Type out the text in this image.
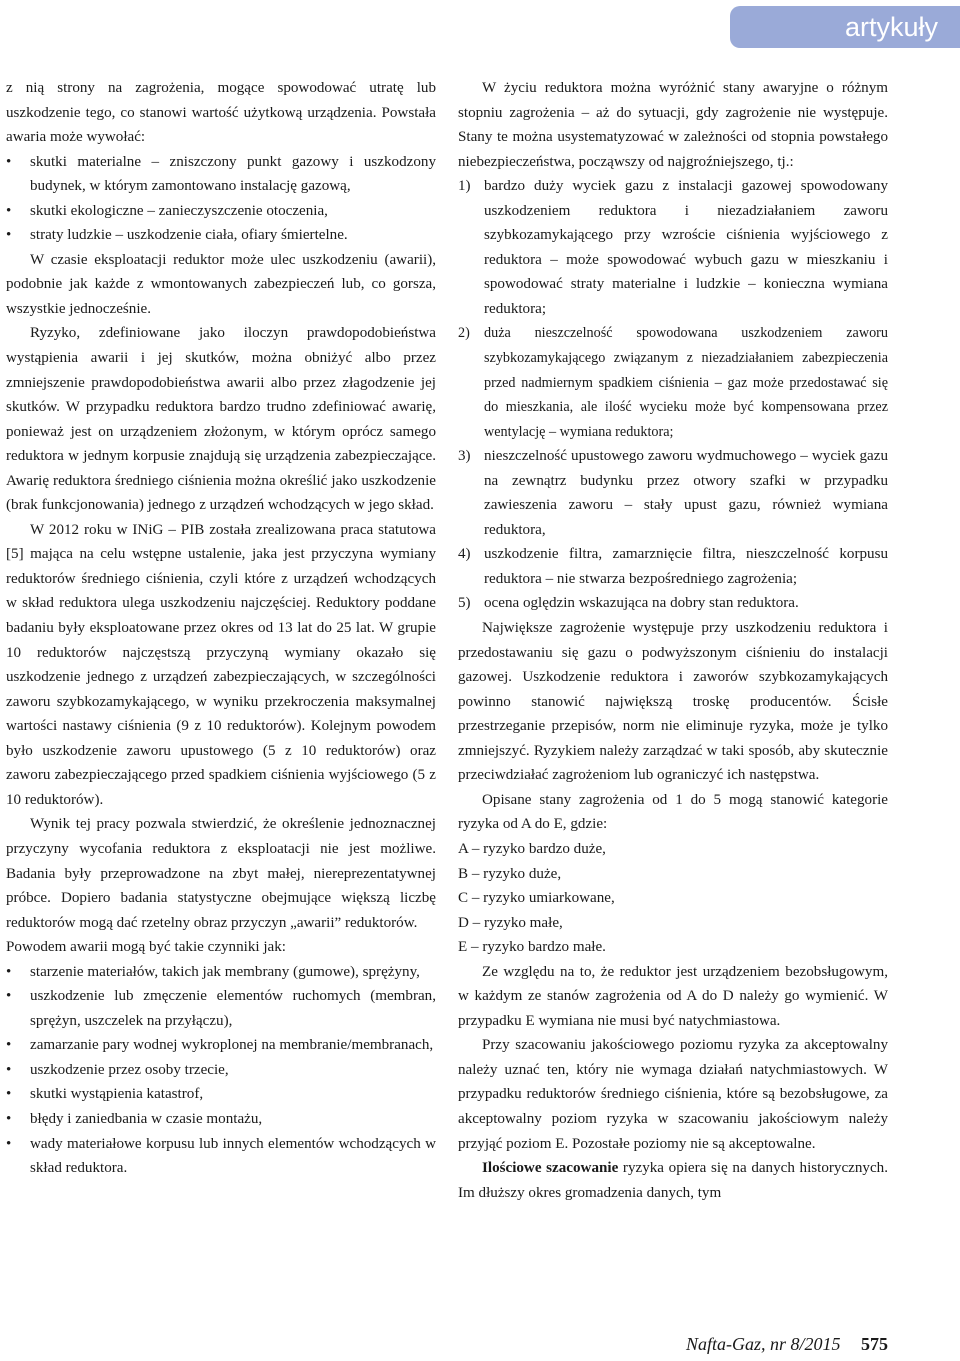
artykuły

z nią strony na zagrożenia, mogące spowodować utratę lub uszkodzenie tego, co stanowi wartość użytkową urządzenia. Powstała awaria może wywołać:

• skutki materialne – zniszczony punkt gazowy i uszkodzony budynek, w którym zamontowano instalację gazową,
• skutki ekologiczne – zanieczyszczenie otoczenia,
• straty ludzkie – uszkodzenie ciała, ofiary śmiertelne.

W czasie eksploatacji reduktor może ulec uszkodzeniu (awarii), podobnie jak każde z wmontowanych zabezpieczeń lub, co gorsza, wszystkie jednocześnie.

Ryzyko, zdefiniowane jako iloczyn prawdopodobieństwa wystąpienia awarii i jej skutków, można obniżyć albo przez zmniejszenie prawdopodobieństwa awarii albo przez złagodzenie jej skutków. W przypadku reduktora bardzo trudno zdefiniować awarię, ponieważ jest on urządzeniem złożonym, w którym oprócz samego reduktora w jednym korpusie znajdują się urządzenia zabezpieczające. Awarię reduktora średniego ciśnienia można określić jako uszkodzenie (brak funkcjonowania) jednego z urządzeń wchodzących w jego skład.

W 2012 roku w INiG – PIB została zrealizowana praca statutowa [5] mająca na celu wstępne ustalenie, jaka jest przyczyna wymiany reduktorów średniego ciśnienia, czyli które z urządzeń wchodzących w skład reduktora ulega uszkodzeniu najczęściej. Reduktory poddane badaniu były eksploatowane przez okres od 13 lat do 25 lat. W grupie 10 reduktorów najczęstszą przyczyną wymiany okazało się uszkodzenie jednego z urządzeń zabezpieczających, w szczególności zaworu szybkozamykającego, w wyniku przekroczenia maksymalnej wartości nastawy ciśnienia (9 z 10 reduktorów). Kolejnym powodem było uszkodzenie zaworu upustowego (5 z 10 reduktorów) oraz zaworu zabezpieczającego przed spadkiem ciśnienia wyjściowego (5 z 10 reduktorów).

Wynik tej pracy pozwala stwierdzić, że określenie jednoznacznej przyczyny wycofania reduktora z eksploatacji nie jest możliwe. Badania były przeprowadzone na zbyt małej, niereprezentatywnej próbce. Dopiero badania statystyczne obejmujące większą liczbę reduktorów mogą dać rzetelny obraz przyczyn „awarii” reduktorów.

Powodem awarii mogą być takie czynniki jak:

• starzenie materiałów, takich jak membrany (gumowe), sprężyny,
• uszkodzenie lub zmęczenie elementów ruchomych (membran, sprężyn, uszczelek na przyłączu),
• zamarzanie pary wodnej wykroplonej na membranie/membranach,
• uszkodzenie przez osoby trzecie,
• skutki wystąpienia katastrof,
• błędy i zaniedbania w czasie montażu,
• wady materiałowe korpusu lub innych elementów wchodzących w skład reduktora.

W życiu reduktora można wyróżnić stany awaryjne o różnym stopniu zagrożenia – aż do sytuacji, gdy zagrożenie nie występuje. Stany te można usystematyzować w zależności od stopnia powstałego niebezpieczeństwa, począwszy od najgroźniejszego, tj.:

1) bardzo duży wyciek gazu z instalacji gazowej spowodowany uszkodzeniem reduktora i niezadziałaniem zaworu szybkozamykającego przy wzroście ciśnienia wyjściowego z reduktora – może spowodować wybuch gazu w mieszkaniu i spowodować straty materialne i ludzkie – konieczna wymiana reduktora;
2) duża nieszczelność spowodowana uszkodzeniem zaworu szybkozamykającego związanym z niezadziałaniem zabezpieczenia przed nadmiernym spadkiem ciśnienia – gaz może przedostawać się do mieszkania, ale ilość wycieku może być kompensowana przez wentylację – wymiana reduktora;
3) nieszczelność upustowego zaworu wydmuchowego – wyciek gazu na zewnątrz budynku przez otwory szafki w przypadku zawieszenia zaworu – stały upust gazu, również wymiana reduktora,
4) uszkodzenie filtra, zamarznięcie filtra, nieszczelność korpusu reduktora – nie stwarza bezpośredniego zagrożenia;
5) ocena oględzin wskazująca na dobry stan reduktora.

Największe zagrożenie występuje przy uszkodzeniu reduktora i przedostawaniu się gazu o podwyższonym ciśnieniu do instalacji gazowej. Uszkodzenie reduktora i zaworów szybkozamykających powinno stanowić największą troskę producentów. Ścisłe przestrzeganie przepisów, norm nie eliminuje ryzyka, może je tylko zmniejszyć. Ryzykiem należy zarządzać w taki sposób, aby skutecznie przeciwdziałać zagrożeniom lub ograniczyć ich następstwa.

Opisane stany zagrożenia od 1 do 5 mogą stanowić kategorie ryzyka od A do E, gdzie:

A – ryzyko bardzo duże,

B – ryzyko duże,

C – ryzyko umiarkowane,

D – ryzyko małe,

E – ryzyko bardzo małe.

Ze względu na to, że reduktor jest urządzeniem bezobsługowym, w każdym ze stanów zagrożenia od A do D należy go wymienić. W przypadku E wymiana nie musi być natychmiastowa.

Przy szacowaniu jakościowego poziomu ryzyka za akceptowalny należy uznać ten, który nie wymaga działań natychmiastowych. W przypadku reduktorów średniego ciśnienia, które są bezobsługowe, za akceptowalny poziom ryzyka w szacowaniu jakościowym należy przyjąć poziom E. Pozostałe poziomy nie są akceptowalne.

Ilościowe szacowanie ryzyka opiera się na danych historycznych. Im dłuższy okres gromadzenia danych, tym

Nafta-Gaz, nr 8/2015 575
